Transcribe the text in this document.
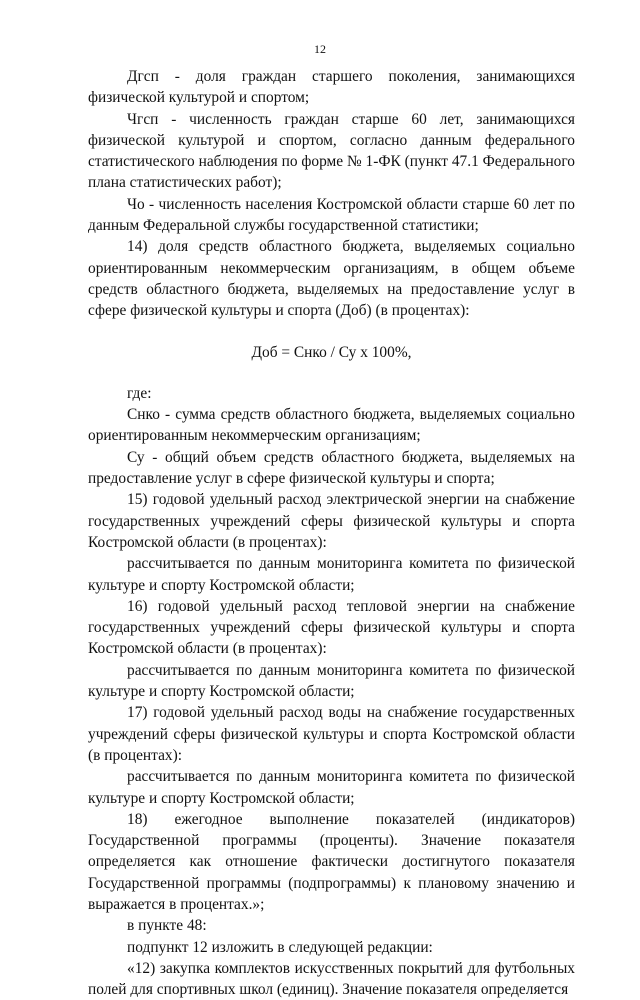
12

Дгсп - доля граждан старшего поколения, занимающихся физической культурой и спортом;

Чгсп - численность граждан старше 60 лет, занимающихся физической культурой и спортом, согласно данным федерального статистического наблюдения по форме № 1-ФК (пункт 47.1 Федерального плана статистических работ);

Чо - численность населения Костромской области старше 60 лет по данным Федеральной службы государственной статистики;

14) доля средств областного бюджета, выделяемых социально ориентированным некоммерческим организациям, в общем объеме средств областного бюджета, выделяемых на предоставление услуг в сфере физической культуры и спорта (Доб) (в процентах):

Доб = Снко / Су х 100%,

где:

Снко - сумма средств областного бюджета, выделяемых социально ориентированным некоммерческим организациям;

Су - общий объем средств областного бюджета, выделяемых на предоставление услуг в сфере физической культуры и спорта;

15) годовой удельный расход электрической энергии на снабжение государственных учреждений сферы физической культуры и спорта Костромской области (в процентах):

рассчитывается по данным мониторинга комитета по физической культуре и спорту Костромской области;

16) годовой удельный расход тепловой энергии на снабжение государственных учреждений сферы физической культуры и спорта Костромской области (в процентах):

рассчитывается по данным мониторинга комитета по физической культуре и спорту Костромской области;

17) годовой удельный расход воды на снабжение государственных учреждений сферы физической культуры и спорта Костромской области (в процентах):

рассчитывается по данным мониторинга комитета по физической культуре и спорту Костромской области;

18) ежегодное выполнение показателей (индикаторов) Государственной программы (проценты). Значение показателя определяется как отношение фактически достигнутого показателя Государственной программы (подпрограммы) к плановому значению и выражается в процентах.»;

в пункте 48:

подпункт 12 изложить в следующей редакции:

«12) закупка комплектов искусственных покрытий для футбольных полей для спортивных школ (единиц). Значение показателя определяется
